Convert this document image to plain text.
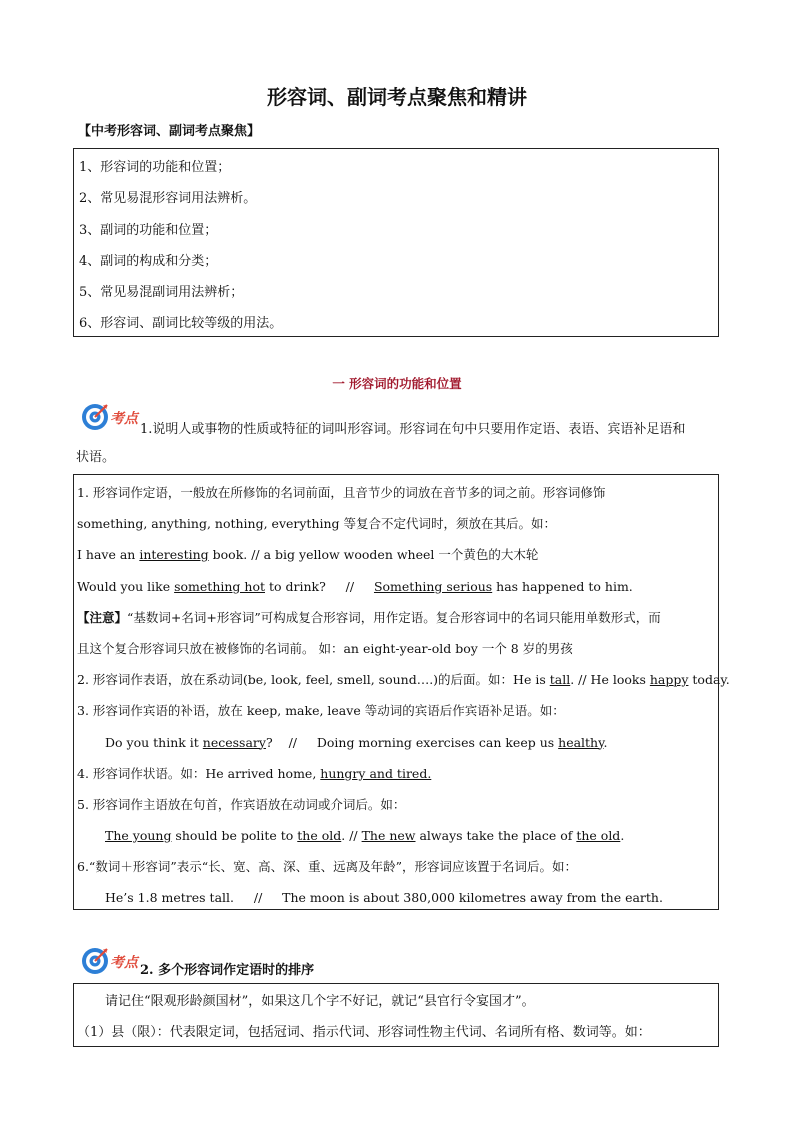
形容词、副词考点聚焦和精讲
【中考形容词、副词考点聚焦】
1、形容词的功能和位置；
2、常见易混形容词用法辨析。
3、副词的功能和位置；
4、副词的构成和分类；
5、常见易混副词用法辨析；
6、形容词、副词比较等级的用法。
一 形容词的功能和位置
考点
1.说明人或事物的性质或特征的词叫形容词。形容词在句中只要用作定语、表语、宾语补足语和
状语。
1. 形容词作定语，一般放在所修饰的名词前面，且音节少的词放在音节多的词之前。形容词修饰
something, anything, nothing, everything 等复合不定代词时，须放在其后。如：
I have an interesting book. // a big yellow wooden wheel 一个黄色的大木轮
Would you like something hot to drink?     //     Something serious has happened to him.
【注意】“基数词+名词+形容词”可构成复合形容词，用作定语。复合形容词中的名词只能用单数形式，而
且这个复合形容词只放在被修饰的名词前。 如：an eight-year-old boy 一个 8 岁的男孩
2. 形容词作表语，放在系动词(be, look, feel, smell, sound….)的后面。如：He is tall. // He looks happy today.
3. 形容词作宾语的补语，放在 keep, make, leave 等动词的宾语后作宾语补足语。如：
Do you think it necessary?    //     Doing morning exercises can keep us healthy.
4. 形容词作状语。如：He arrived home, hungry and tired.
5. 形容词作主语放在句首，作宾语放在动词或介词后。如：
The young should be polite to the old. // The new always take the place of the old.
6.“数词＋形容词”表示“长、宽、高、深、重、远离及年龄”，形容词应该置于名词后。如：
He’s 1.8 metres tall.     //     The moon is about 380,000 kilometres away from the earth.
考点 2. 多个形容词作定语时的排序
请记住“限观形龄颜国材”，如果这几个字不好记，就记“县官行令宴国才”。
（1）县（限）：代表限定词，包括冠词、指示代词、形容词性物主代词、名词所有格、数词等。如：
